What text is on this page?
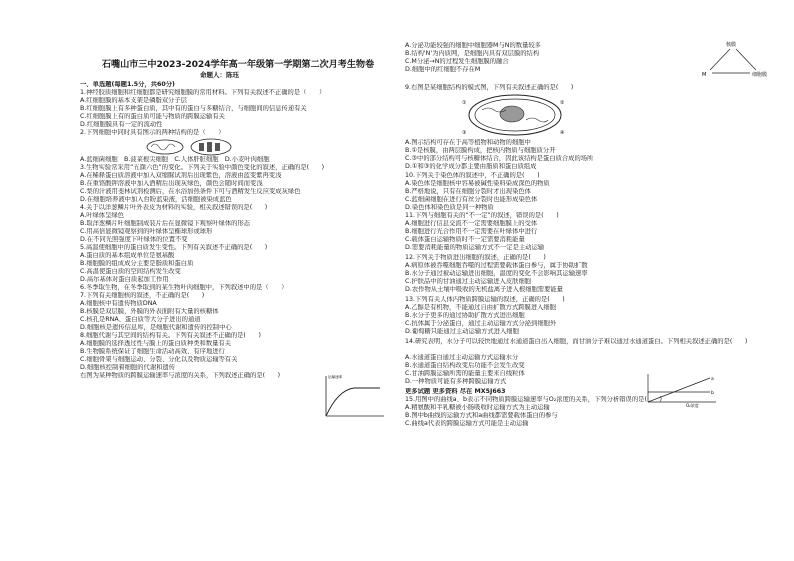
石嘴山市三中2023-2024学年高一年级第一学期第二次月考生物卷
命题人：陈珏
一、单选题(每题1.5分，共60分)
1.神经胶质细胞和红细胞都是研究细胞膜的常用材料。下列有关叙述不正确的是（　　）
A.红细胞膜的基本支架是磷脂双分子层
B.红细胞膜上有多种蛋白质，其中有的蛋白与多糖结合，与细胞间的信息传递有关
C.红细胞膜上有的蛋白质可能与物质的跨膜运输有关
D.红细胞膜具有一定的流动性
2.下列细胞中同时具有图示的两种结构的是（　　）
A.蓝细菌细胞　B.菠菜根尖细胞　C.人体肝脏细胞　D.小麦叶肉细胞
3.生物实验常采用“五颜六色”的变化。下列关于实验中颜色变化的叙述，正确的是(　　)
A.在稀释蛋白质溶液中加入双缩脲试剂后出现紫色，溶液由蓝变紫再变浅
B.在重铬酸钾溶液中加入酒精后出现灰绿色，颜色会随时间而变浅
C.梨的汁液用斐林试剂检测后，在水浴加热条件下可与酒精发生反应变成灰绿色
D.在细胞培养液中加入台盼蓝染液，活细胞被染成蓝色
4.关于以洋葱鳞片叶外表皮为材料的实验，相关叙述错误的是(　　)
A.叶绿体呈绿色
B.取洋葱鳞片叶细胞制成装片后在显微镜下观察叶绿体的形态
C.用高倍显微镜观察到的叶绿体呈椭球形或球形
D.在不同光照强度下叶绿体的位置不变
5.高温使细胞中的蛋白质发生变性。下列有关叙述不正确的是(　　)
A.蛋白质的基本组成单位是氨基酸
B.细胞膜的组成成分主要是脂质和蛋白质
C.高温使蛋白质的空间结构发生改变
D.高尔基体对蛋白质起加工作用
6.冬季取生物，在冬季取到的某生物叶肉细胞中，下列叙述中的是（　　）
7.下列有关细胞核的叙述，不正确的是(　　)
A.细胞核中有遗传物质DNA
B.核膜是双层膜，外膜的外表面附有大量的核糖体
C.核孔是RNA、蛋白质等大分子进出的通道
D.细胞核是遗传信息库，是细胞代谢和遗传的控制中心
8.细胞代谢与其空间的结构有关。下列有关叙述不正确的是(　　)
A.细胞膜的选择透过性与膜上的蛋白质种类和数量有关
B.生物膜系统保证了细胞生命活动高效、有序地进行
C.细胞骨架与细胞运动、分裂、分化以及物质运输等有关
D.细胞核控制着细胞的代谢和遗传
右图为某种物质的跨膜运输速率与浓度的关系，下列叙述正确的是(　　)	运输速率
A.分泌功能较强的细胞中细胞器M与N的数量较多
B.结构'N'为内质网，是细胞内具有双层膜的结构
C.M分泌→N的过程发生细胞膜的融合
D.细胞中的红细胞不存在M
9.右图是某细胞结构的模式图，下列有关叙述正确的是(　　)
A.图示结构可存在于高等植物和动物的细胞中
B.①是核膜，由两层膜构成，把核内物质与细胞质分开
C.③中的部分结构可与核糖体结合，因此该结构是蛋白质合成的场所
D.①和③的化学成分都主要由脂质和蛋白质组成
10.下列关于染色体的叙述中，不正确的是(　　)
A.染色体是细胞核中容易被碱性染料染成深色的物质
B.严格地说，只有在细胞分裂时才出现染色体
C.蓝细菌细胞在进行有丝分裂时也能形成染色体
D.染色体和染色质是同一种物质
11.下列与细胞有关的“不一定”的叙述，错误的是(　　)
A.细胞进行信息交流不一定需要细胞膜上的受体
B.细胞进行光合作用不一定需要在叶绿体中进行
C.载体蛋白运输物质时不一定需要消耗能量
D.需要消耗能量的物质运输方式不一定是主动运输
12.下列关于物质进出细胞的叙述，正确的是(　　)
A.病原体被吞噬细胞吞噬的过程需要载体蛋白参与，属于协助扩散
B.水分子通过被动运输进出细胞，温度的变化不会影响其运输速率
C.护肤品中的甘油通过主动运输进入皮肤细胞
D.农作物从土壤中吸收的无机盐离子进入根细胞需要能量
13.下列有关人体内物质跨膜运输的叙述，正确的是(　　)
A.乙醇是有机物，不能通过自由扩散方式跨膜进入细胞
B.水分子更多的通过协助扩散方式进出细胞
C.抗体属于分泌蛋白，通过主动运输方式分泌到细胞外
D.葡萄糖只能通过主动运输方式进入细胞
14.研究表明，水分子可以较快地通过水通道蛋白出入细胞，而甘油分子难以通过水通道蛋白。下列相关叙述正确的是(　　)
A.水通道蛋白通过主动运输方式运输水分
B.水通道蛋白结构改变后功能不会发生改变
C.甘油跨膜运输所需的能量主要来自线粒体
D.一种物质可能有多种跨膜运输方式
更多试题 更多资料 尽在 MX5J663
15.用图中的曲线a、b表示不同物质跨膜运输速率与O₂浓度的关系，下列分析错误的是(　　)
A.精氨酸和半乳糖被小肠吸收时运输方式为主动运输
B.图中b曲线的运输方式和a曲线都需要载体蛋白的参与
C.曲线a代表的跨膜运输方式可能是主动运输
核膜
细胞膜
M
①	②
③	④
a
b
O₂浓度
